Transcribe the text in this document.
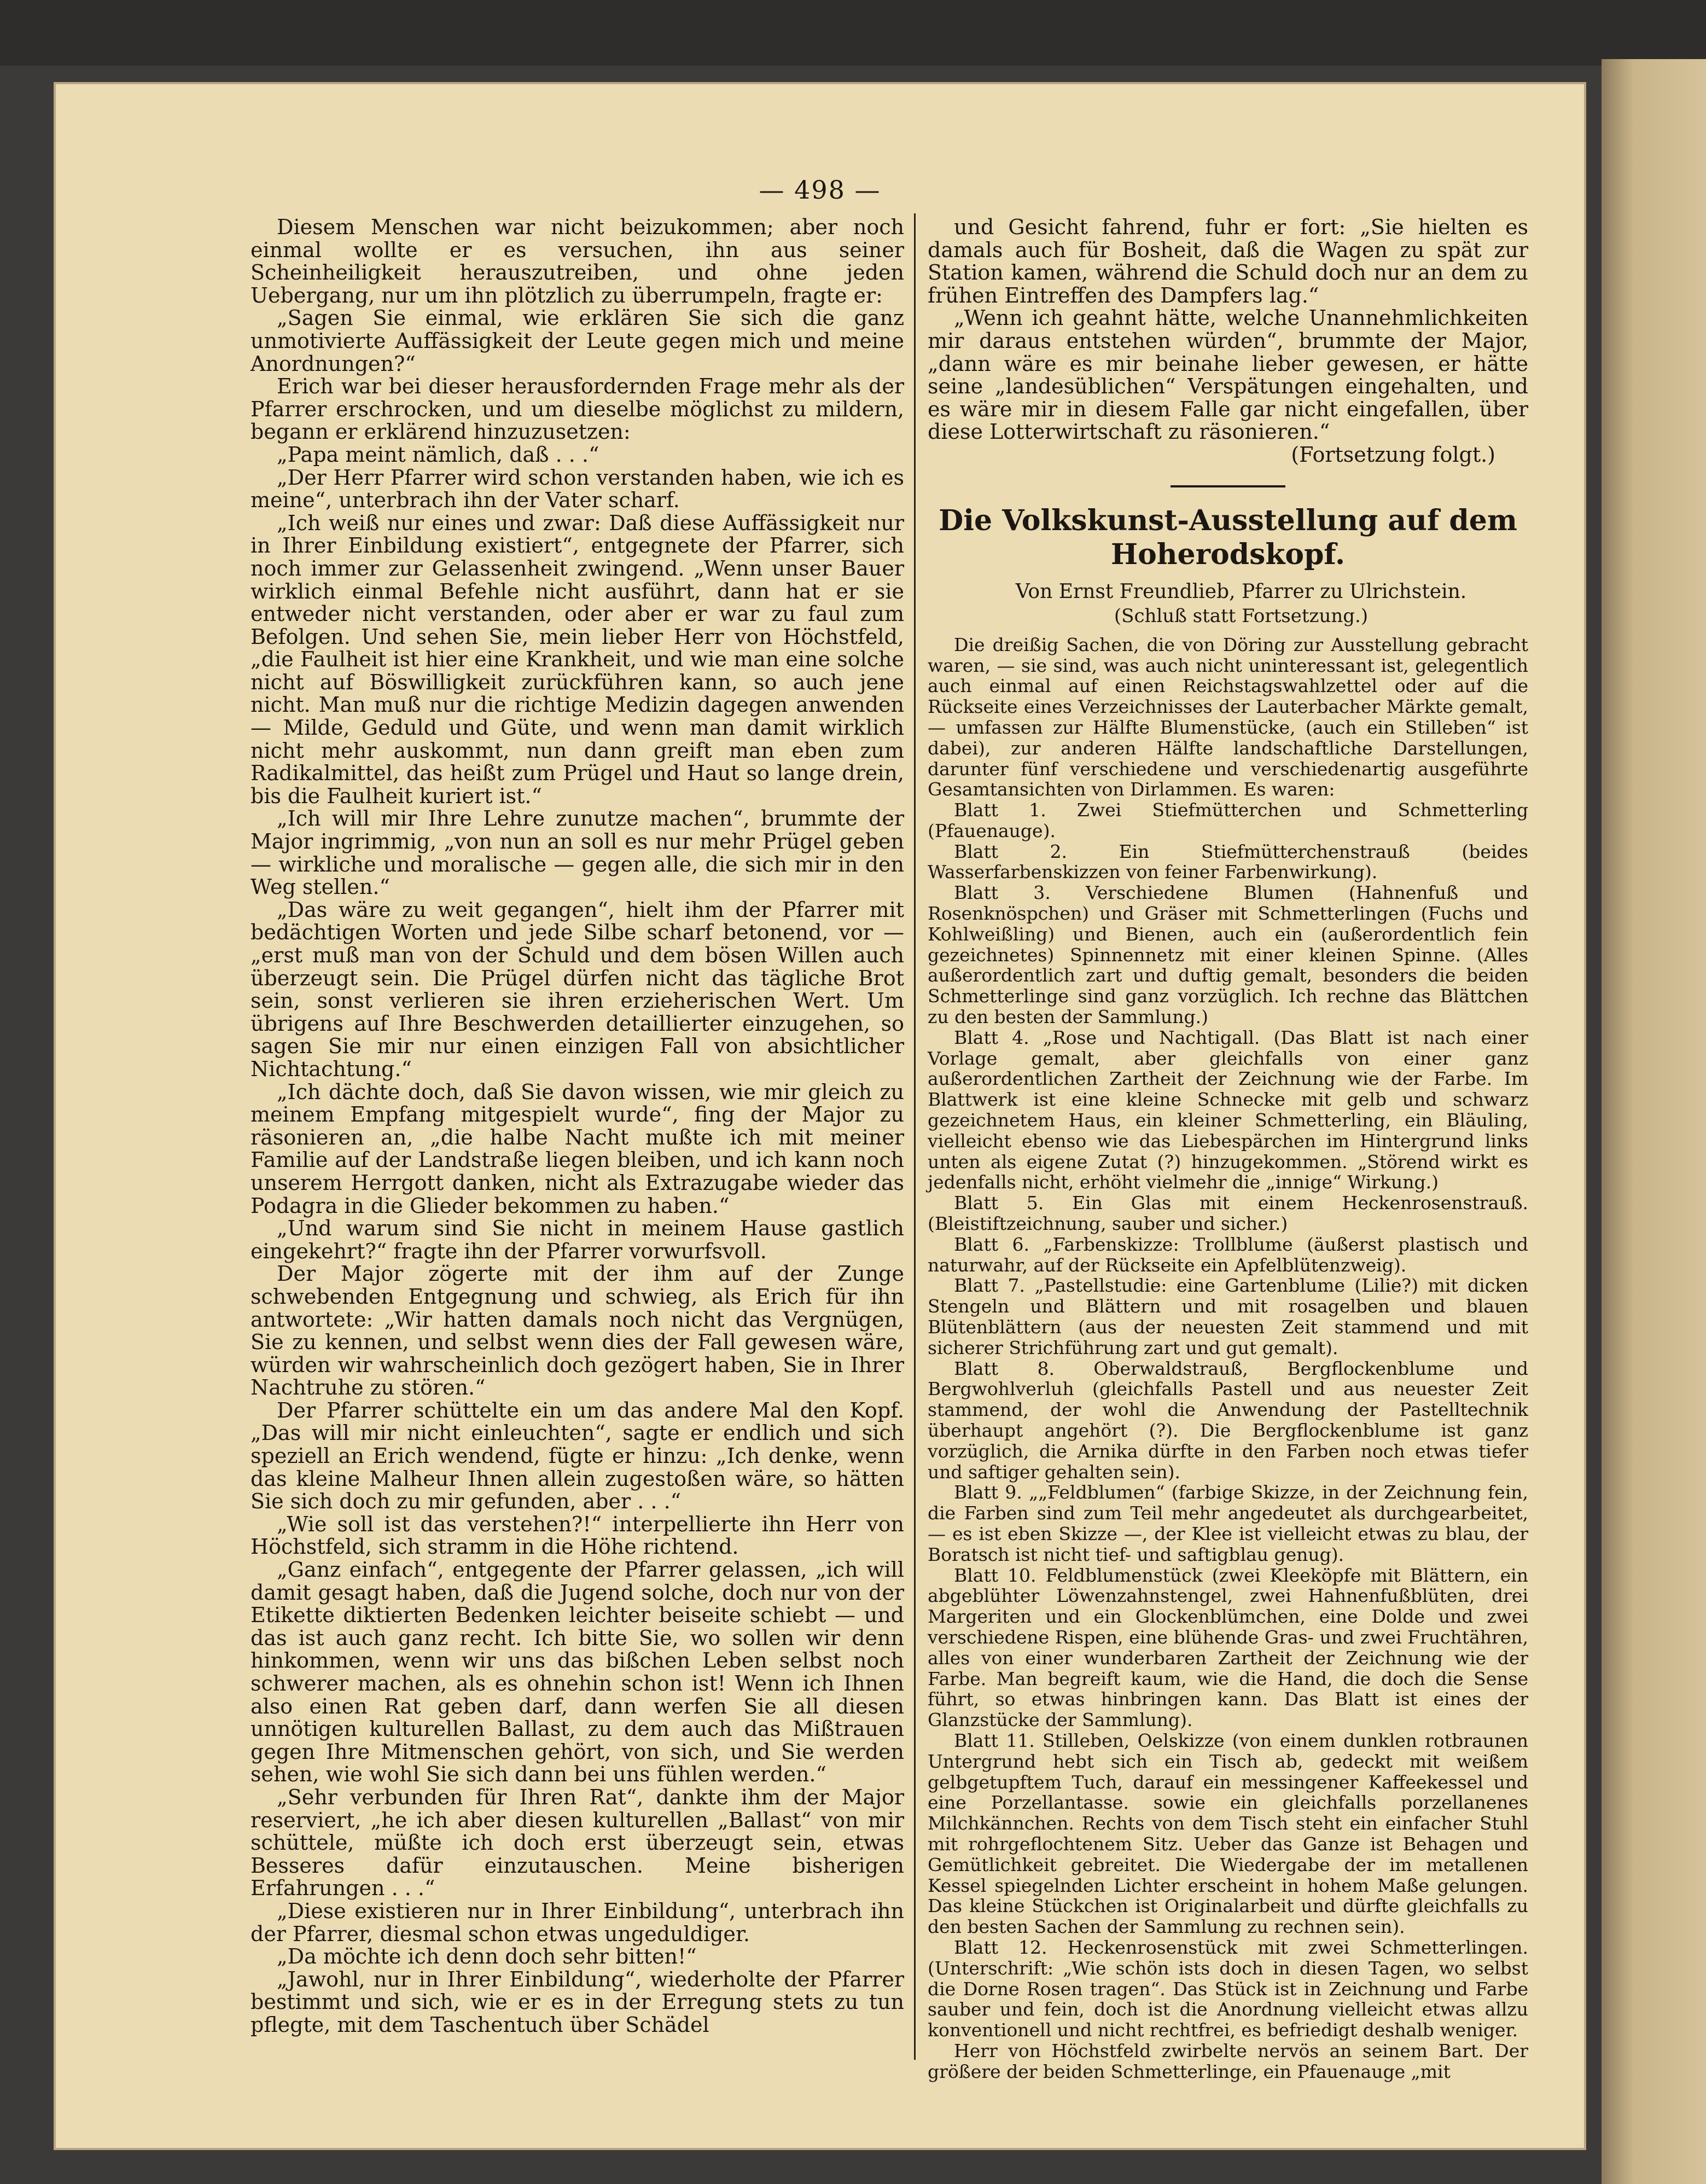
— 498 —

Diesem Menschen war nicht beizukommen; aber noch einmal wollte er es versuchen, ihn aus seiner Scheinheiligkeit herauszutreiben, und ohne jeden Uebergang, nur um ihn plötzlich zu überrumpeln, fragte er:

„Sagen Sie einmal, wie erklären Sie sich die ganz unmotivierte Auffässigkeit der Leute gegen mich und meine Anordnungen?“

Erich war bei dieser herausfordernden Frage mehr als der Pfarrer erschrocken, und um dieselbe möglichst zu mildern, begann er erklärend hinzuzusetzen:

„Papa meint nämlich, daß . . .“

„Der Herr Pfarrer wird schon verstanden haben, wie ich es meine“, unterbrach ihn der Vater scharf.

„Ich weiß nur eines und zwar: Daß diese Auffässigkeit nur in Ihrer Einbildung existiert“, entgegnete der Pfarrer, sich noch immer zur Gelassenheit zwingend. „Wenn unser Bauer wirklich einmal Befehle nicht ausführt, dann hat er sie entweder nicht verstanden, oder aber er war zu faul zum Befolgen. Und sehen Sie, mein lieber Herr von Höchstfeld, „die Faulheit ist hier eine Krankheit, und wie man eine solche nicht auf Böswilligkeit zurückführen kann, so auch jene nicht. Man muß nur die richtige Medizin dagegen anwenden — Milde, Geduld und Güte, und wenn man damit wirklich nicht mehr auskommt, nun dann greift man eben zum Radikalmittel, das heißt zum Prügel und Haut so lange drein, bis die Faulheit kuriert ist.“

„Ich will mir Ihre Lehre zunutze machen“, brummte der Major ingrimmig, „von nun an soll es nur mehr Prügel geben — wirkliche und moralische — gegen alle, die sich mir in den Weg stellen.“

„Das wäre zu weit gegangen“, hielt ihm der Pfarrer mit bedächtigen Worten und jede Silbe scharf betonend, vor — „erst muß man von der Schuld und dem bösen Willen auch überzeugt sein. Die Prügel dürfen nicht das tägliche Brot sein, sonst verlieren sie ihren erzieherischen Wert. Um übrigens auf Ihre Beschwerden detaillierter einzugehen, so sagen Sie mir nur einen einzigen Fall von absichtlicher Nichtachtung.“

„Ich dächte doch, daß Sie davon wissen, wie mir gleich zu meinem Empfang mitgespielt wurde“, fing der Major zu räsonieren an, „die halbe Nacht mußte ich mit meiner Familie auf der Landstraße liegen bleiben, und ich kann noch unserem Herrgott danken, nicht als Extrazugabe wieder das Podagra in die Glieder bekommen zu haben.“

„Und warum sind Sie nicht in meinem Hause gastlich eingekehrt?“ fragte ihn der Pfarrer vorwurfsvoll.

Der Major zögerte mit der ihm auf der Zunge schwebenden Entgegnung und schwieg, als Erich für ihn antwortete: „Wir hatten damals noch nicht das Vergnügen, Sie zu kennen, und selbst wenn dies der Fall gewesen wäre, würden wir wahrscheinlich doch gezögert haben, Sie in Ihrer Nachtruhe zu stören.“

Der Pfarrer schüttelte ein um das andere Mal den Kopf. „Das will mir nicht einleuchten“, sagte er endlich und sich speziell an Erich wendend, fügte er hinzu: „Ich denke, wenn das kleine Malheur Ihnen allein zugestoßen wäre, so hätten Sie sich doch zu mir gefunden, aber . . .“

„Wie soll ist das verstehen?!“ interpellierte ihn Herr von Höchstfeld, sich stramm in die Höhe richtend.

„Ganz einfach“, entgegente der Pfarrer gelassen, „ich will damit gesagt haben, daß die Jugend solche, doch nur von der Etikette diktierten Bedenken leichter beiseite schiebt — und das ist auch ganz recht. Ich bitte Sie, wo sollen wir denn hinkommen, wenn wir uns das bißchen Leben selbst noch schwerer machen, als es ohnehin schon ist! Wenn ich Ihnen also einen Rat geben darf, dann werfen Sie all diesen unnötigen kulturellen Ballast, zu dem auch das Mißtrauen gegen Ihre Mitmenschen gehört, von sich, und Sie werden sehen, wie wohl Sie sich dann bei uns fühlen werden.“

„Sehr verbunden für Ihren Rat“, dankte ihm der Major reserviert, „he ich aber diesen kulturellen „Ballast“ von mir schüttele, müßte ich doch erst überzeugt sein, etwas Besseres dafür einzutauschen. Meine bisherigen Erfahrungen . . .“

„Diese existieren nur in Ihrer Einbildung“, unterbrach ihn der Pfarrer, diesmal schon etwas ungeduldiger.

„Da möchte ich denn doch sehr bitten!“

„Jawohl, nur in Ihrer Einbildung“, wiederholte der Pfarrer bestimmt und sich, wie er es in der Erregung stets zu tun pflegte, mit dem Taschentuch über Schädel

und Gesicht fahrend, fuhr er fort: „Sie hielten es damals auch für Bosheit, daß die Wagen zu spät zur Station kamen, während die Schuld doch nur an dem zu frühen Eintreffen des Dampfers lag.“

„Wenn ich geahnt hätte, welche Unannehmlichkeiten mir daraus entstehen würden“, brummte der Major, „dann wäre es mir beinahe lieber gewesen, er hätte seine „landesüblichen“ Verspätungen eingehalten, und es wäre mir in diesem Falle gar nicht eingefallen, über diese Lotterwirtschaft zu räsonieren.“

(Fortsetzung folgt.)

Die Volkskunst-Ausstellung auf dem Hoherodskopf.

Von Ernst Freundlieb, Pfarrer zu Ulrichstein.

(Schluß statt Fortsetzung.)

Die dreißig Sachen, die von Döring zur Ausstellung gebracht waren, — sie sind, was auch nicht uninteressant ist, gelegentlich auch einmal auf einen Reichstagswahlzettel oder auf die Rückseite eines Verzeichnisses der Lauterbacher Märkte gemalt, — umfassen zur Hälfte Blumenstücke, (auch ein Stilleben“ ist dabei), zur anderen Hälfte landschaftliche Darstellungen, darunter fünf verschiedene und verschiedenartig ausgeführte Gesamtansichten von Dirlammen. Es waren:

Blatt 1. Zwei Stiefmütterchen und Schmetterling (Pfauenauge).

Blatt 2. Ein Stiefmütterchenstrauß (beides Wasserfarbenskizzen von feiner Farbenwirkung).

Blatt 3. Verschiedene Blumen (Hahnenfuß und Rosenknöspchen) und Gräser mit Schmetterlingen (Fuchs und Kohlweißling) und Bienen, auch ein (außerordentlich fein gezeichnetes) Spinnennetz mit einer kleinen Spinne. (Alles außerordentlich zart und duftig gemalt, besonders die beiden Schmetterlinge sind ganz vorzüglich. Ich rechne das Blättchen zu den besten der Sammlung.)

Blatt 4. „Rose und Nachtigall. (Das Blatt ist nach einer Vorlage gemalt, aber gleichfalls von einer ganz außerordentlichen Zartheit der Zeichnung wie der Farbe. Im Blattwerk ist eine kleine Schnecke mit gelb und schwarz gezeichnetem Haus, ein kleiner Schmetterling, ein Bläuling, vielleicht ebenso wie das Liebespärchen im Hintergrund links unten als eigene Zutat (?) hinzugekommen. „Störend wirkt es jedenfalls nicht, erhöht vielmehr die „innige“ Wirkung.)

Blatt 5. Ein Glas mit einem Heckenrosenstrauß. (Bleistiftzeichnung, sauber und sicher.)

Blatt 6. „Farbenskizze: Trollblume (äußerst plastisch und naturwahr, auf der Rückseite ein Apfelblütenzweig).

Blatt 7. „Pastellstudie: eine Gartenblume (Lilie?) mit dicken Stengeln und Blättern und mit rosagelben und blauen Blütenblättern (aus der neuesten Zeit stammend und mit sicherer Strichführung zart und gut gemalt).

Blatt 8. Oberwaldstrauß, Bergflockenblume und Bergwohlverluh (gleichfalls Pastell und aus neuester Zeit stammend, der wohl die Anwendung der Pastelltechnik überhaupt angehört (?). Die Bergflockenblume ist ganz vorzüglich, die Arnika dürfte in den Farben noch etwas tiefer und saftiger gehalten sein).

Blatt 9. „„Feldblumen“ (farbige Skizze, in der Zeichnung fein, die Farben sind zum Teil mehr angedeutet als durchgearbeitet, — es ist eben Skizze —, der Klee ist vielleicht etwas zu blau, der Boratsch ist nicht tief- und saftigblau genug).

Blatt 10. Feldblumenstück (zwei Kleeköpfe mit Blättern, ein abgeblühter Löwenzahnstengel, zwei Hahnenfußblüten, drei Margeriten und ein Glockenblümchen, eine Dolde und zwei verschiedene Rispen, eine blühende Gras- und zwei Fruchtähren, alles von einer wunderbaren Zartheit der Zeichnung wie der Farbe. Man begreift kaum, wie die Hand, die doch die Sense führt, so etwas hinbringen kann. Das Blatt ist eines der Glanzstücke der Sammlung).

Blatt 11. Stilleben, Oelskizze (von einem dunklen rotbraunen Untergrund hebt sich ein Tisch ab, gedeckt mit weißem gelbgetupftem Tuch, darauf ein messingener Kaffeekessel und eine Porzellantasse. sowie ein gleichfalls porzellanenes Milchkännchen. Rechts von dem Tisch steht ein einfacher Stuhl mit rohrgeflochtenem Sitz. Ueber das Ganze ist Behagen und Gemütlichkeit gebreitet. Die Wiedergabe der im metallenen Kessel spiegelnden Lichter erscheint in hohem Maße gelungen. Das kleine Stückchen ist Originalarbeit und dürfte gleichfalls zu den besten Sachen der Sammlung zu rechnen sein).

Blatt 12. Heckenrosenstück mit zwei Schmetterlingen. (Unterschrift: „Wie schön ists doch in diesen Tagen, wo selbst die Dorne Rosen tragen“. Das Stück ist in Zeichnung und Farbe sauber und fein, doch ist die Anordnung vielleicht etwas allzu konventionell und nicht rechtfrei, es befriedigt deshalb weniger.

Herr von Höchstfeld zwirbelte nervös an seinem Bart. Der größere der beiden Schmetterlinge, ein Pfauenauge „mit
